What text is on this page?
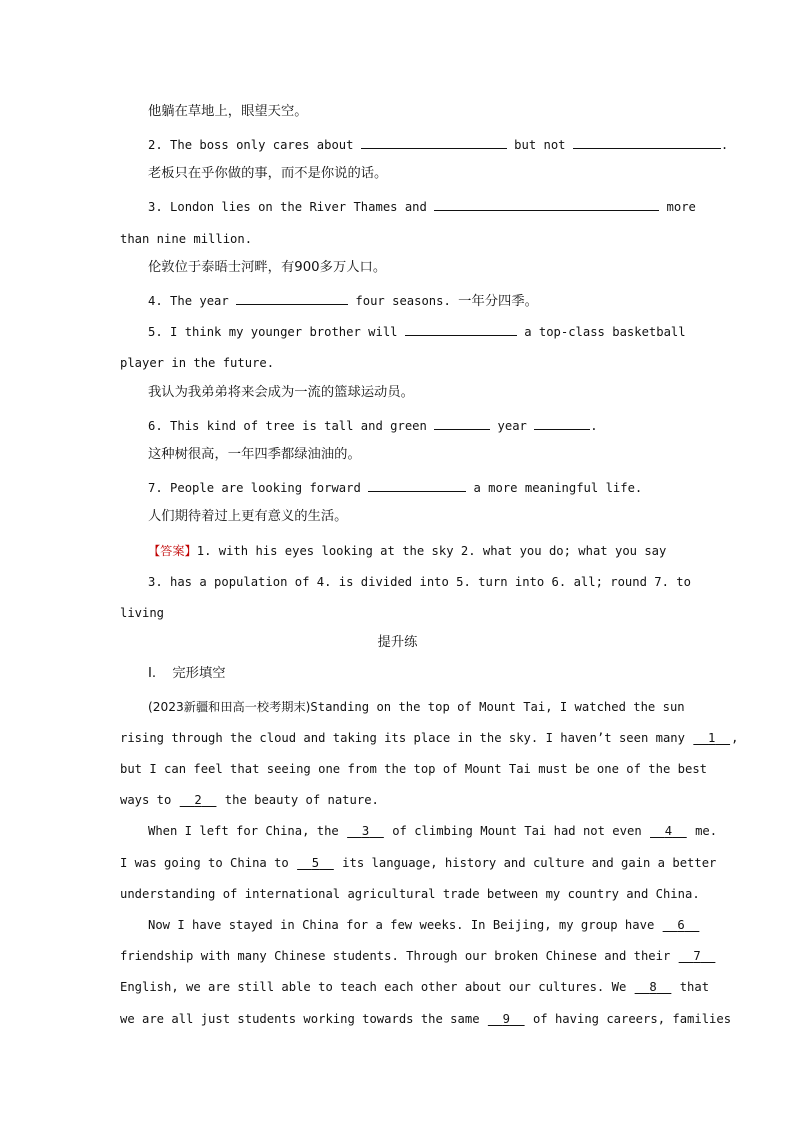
他躺在草地上，眼望天空。
2. The boss only cares about	but not	.
老板只在乎你做的事，而不是你说的话。
3. London lies on the River Thames and	more
than nine million.
伦敦位于泰晤士河畔，有900多万人口。
4. The year	four seasons. 一年分四季。
5. I think my younger brother will	a top-class basketball
player in the future.
我认为我弟弟将来会成为一流的篮球运动员。
6. This kind of tree is tall and green	year	.
这种树很高，一年四季都绿油油的。
7. People are looking forward	a more meaningful life.
人们期待着过上更有意义的生活。
【答案】1. with his eyes looking at the sky 2. what you do; what you say
3. has a population of 4. is divided into 5. turn into 6. all; round 7. to
living
提升练
Ⅰ. 完形填空
(2023新疆和田高一校考期末)Standing on the top of Mount Tai, I watched the sun
rising through the cloud and taking its place in the sky. I haven’t seen many 1 ,
but I can feel that seeing one from the top of Mount Tai must be one of the best
ways to 2 the beauty of nature.
When I left for China, the 3 of climbing Mount Tai had not even 4 me.
I was going to China to 5 its language, history and culture and gain a better
understanding of international agricultural trade between my country and China.
Now I have stayed in China for a few weeks. In Beijing, my group have 6
friendship with many Chinese students. Through our broken Chinese and their 7
English, we are still able to teach each other about our cultures. We 8 that
we are all just students working towards the same 9 of having careers, families
